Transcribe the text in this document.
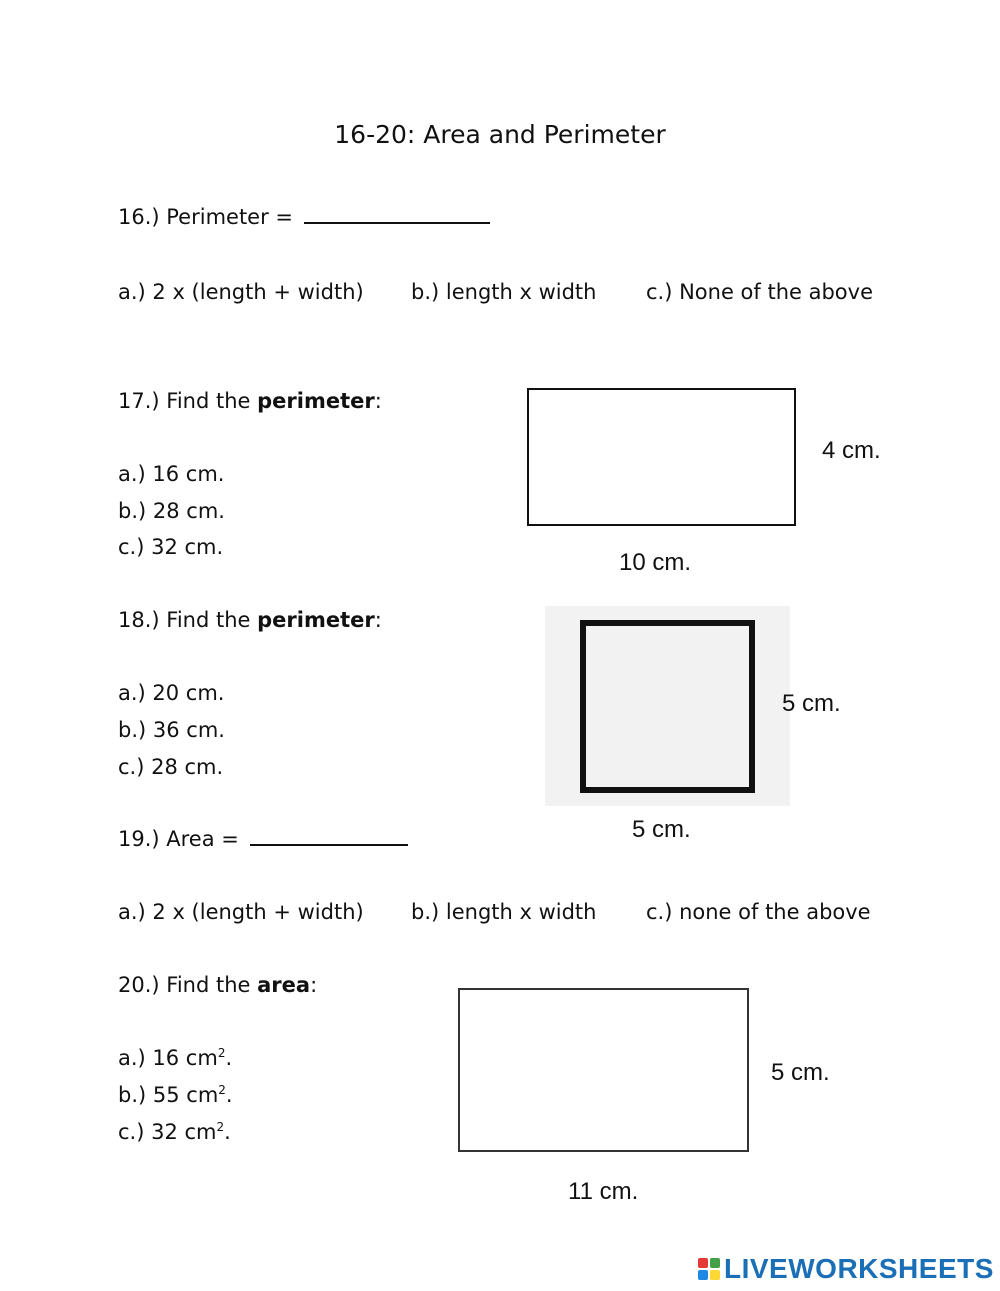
16-20: Area and Perimeter
16.) Perimeter =
a.) 2 x (length + width) b.) length x width c.) None of the above
17.) Find the perimeter:
a.) 16 cm.
b.) 28 cm.
c.) 32 cm.
4 cm.
10 cm.
18.) Find the perimeter:
a.) 20 cm.
b.) 36 cm.
c.) 28 cm.
5 cm.
5 cm.
19.) Area =
a.) 2 x (length + width) b.) length x width c.) none of the above
20.) Find the area:
a.) 16 $cm^2$.
b.) 55 $cm^2$.
c.) 32 $cm^2$.
5 cm.
11 cm.
LIVEWORKSHEETS
